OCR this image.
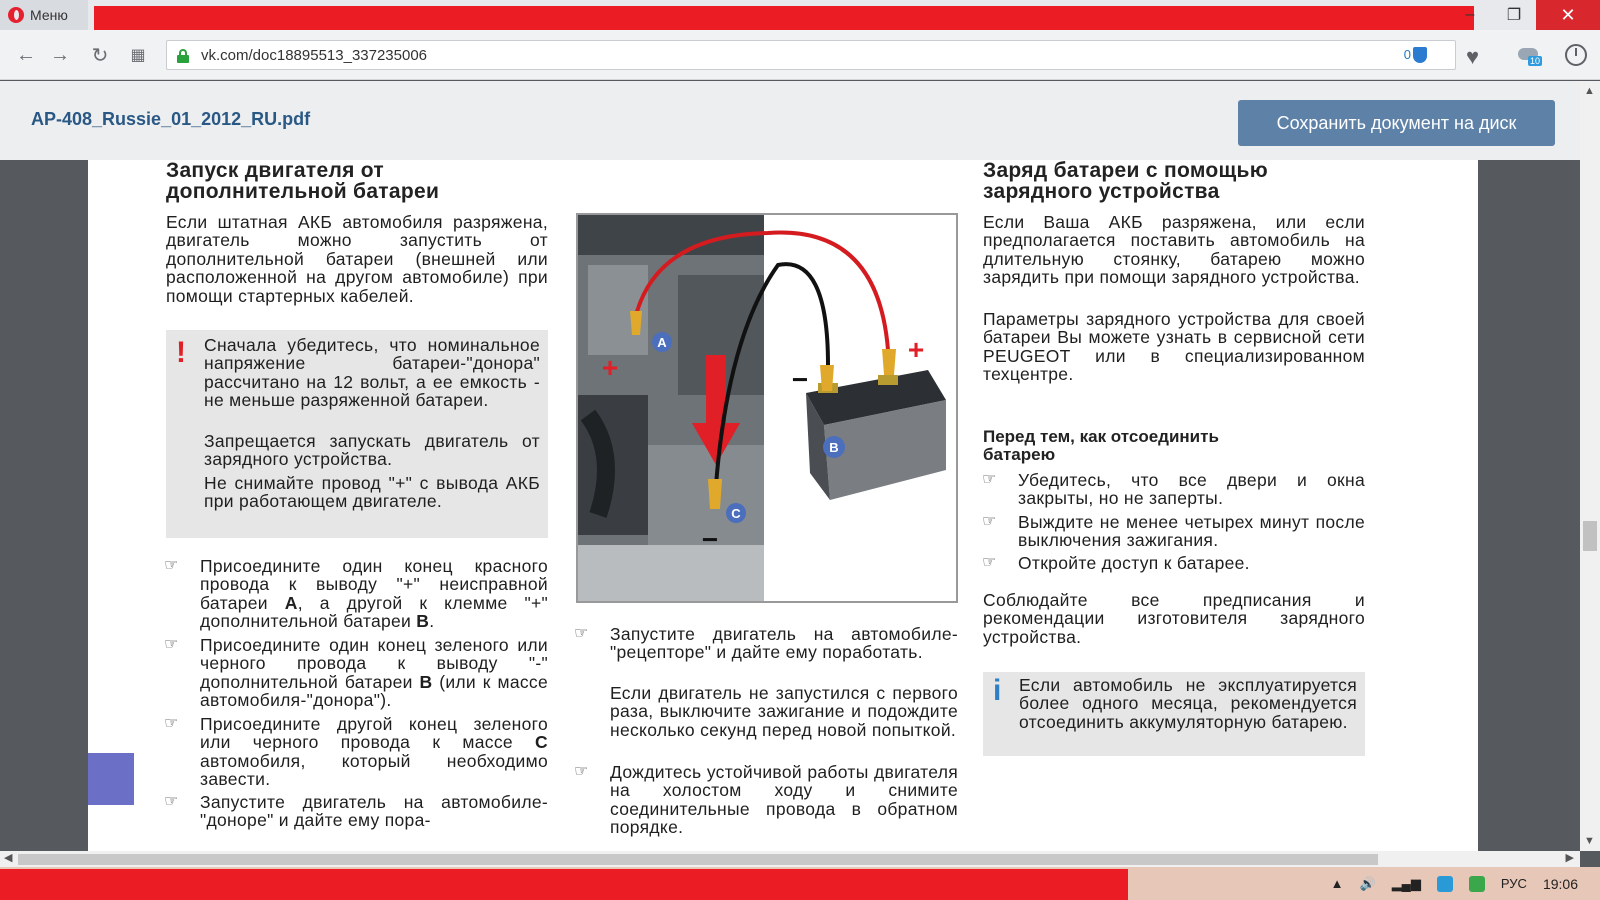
Меню	‒	❐	✕
← → ↻ ▦	vk.com/doc18895513_337235006	0	♥	10
AP-408_Russie_01_2012_RU.pdf	Сохранить документ на диск
▲
▼
Запуск двигателя от
дополнительной батареи
Если штатная АКБ автомобиля разряжена, двигатель можно запустить от дополнительной батареи (внешней или расположенной на другом автомобиле) при помощи стартерных кабелей.
! Сначала убедитесь, что номинальное напряжение батареи-"донора" рассчитано на 12 вольт, а ее емкость - не меньше разряженной батареи.
Запрещается запускать двигатель от зарядного устройства.
Не снимайте провод "+" с вывода АКБ при работающем двигателе.
☞ Присоедините один конец красного провода к выводу "+" неисправной батареи A, а другой к клемме "+" дополнительной батареи B.
☞ Присоедините один конец зеленого или черного провода к выводу "-" дополнительной батареи B (или к массе автомобиля-"донора").
☞ Присоедините другой конец зеленого или черного провода к массе C автомобиля, который необходимо завести.
☞ Запустите двигатель на автомобиле-"доноре" и дайте ему пора-
A
B
C
+
+
−
−
☞ Запустите двигатель на автомобиле-"рецепторе" и дайте ему поработать.
Если двигатель не запустился с первого раза, выключите зажигание и подождите несколько секунд перед новой попыткой.
☞ Дождитесь устойчивой работы двигателя на холостом ходу и снимите соединительные провода в обратном порядке.
Заряд батареи с помощью
зарядного устройства
Если Ваша АКБ разряжена, или если предполагается поставить автомобиль на длительную стоянку, батарею можно зарядить при помощи зарядного устройства.
Параметры зарядного устройства для своей батареи Вы можете узнать в сервисной сети PEUGEOT или в специализированном техцентре.
Перед тем, как отсоединить
батарею
☞ Убедитесь, что все двери и окна закрыты, но не заперты.
☞ Выждите не менее четырех минут после выключения зажигания.
☞ Откройте доступ к батарее.
Соблюдайте все предписания и рекомендации изготовителя зарядного устройства.
i Если автомобиль не эксплуатируется более одного месяца, рекомендуется отсоединить аккумуляторную батарею.
◀	▶
▲ 🔊 ▂▄▆	РУС 19:06
